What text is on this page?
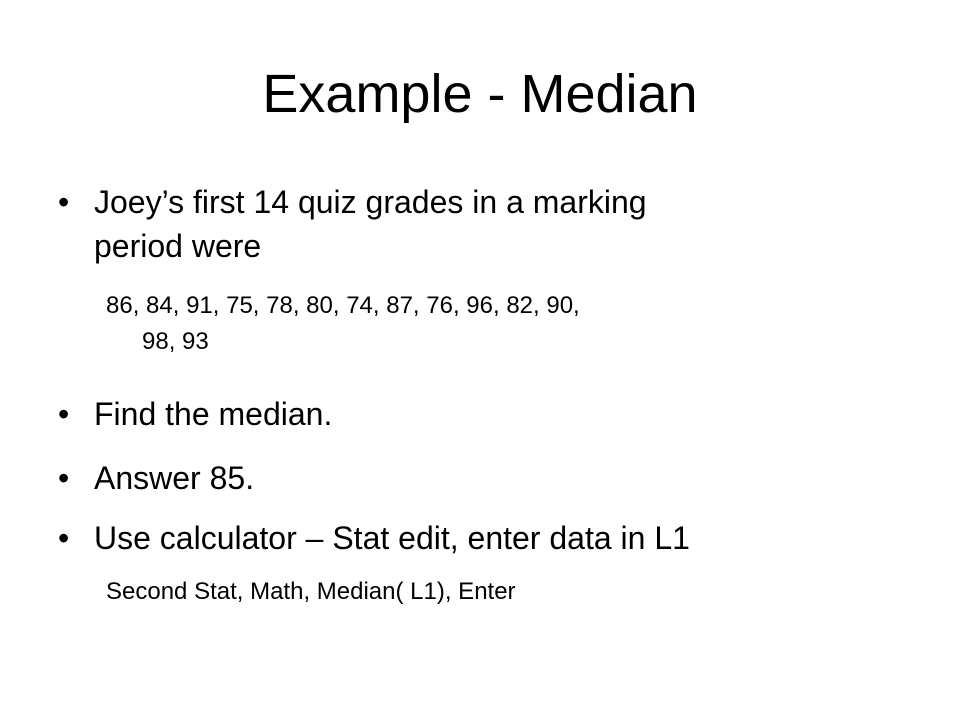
Example - Median
• Joey’s first 14 quiz grades in a marking
period were
86, 84, 91, 75, 78, 80, 74, 87, 76, 96, 82, 90,
98, 93
• Find the median.
• Answer 85.
• Use calculator – Stat edit, enter data in L1
Second Stat, Math, Median( L1), Enter
